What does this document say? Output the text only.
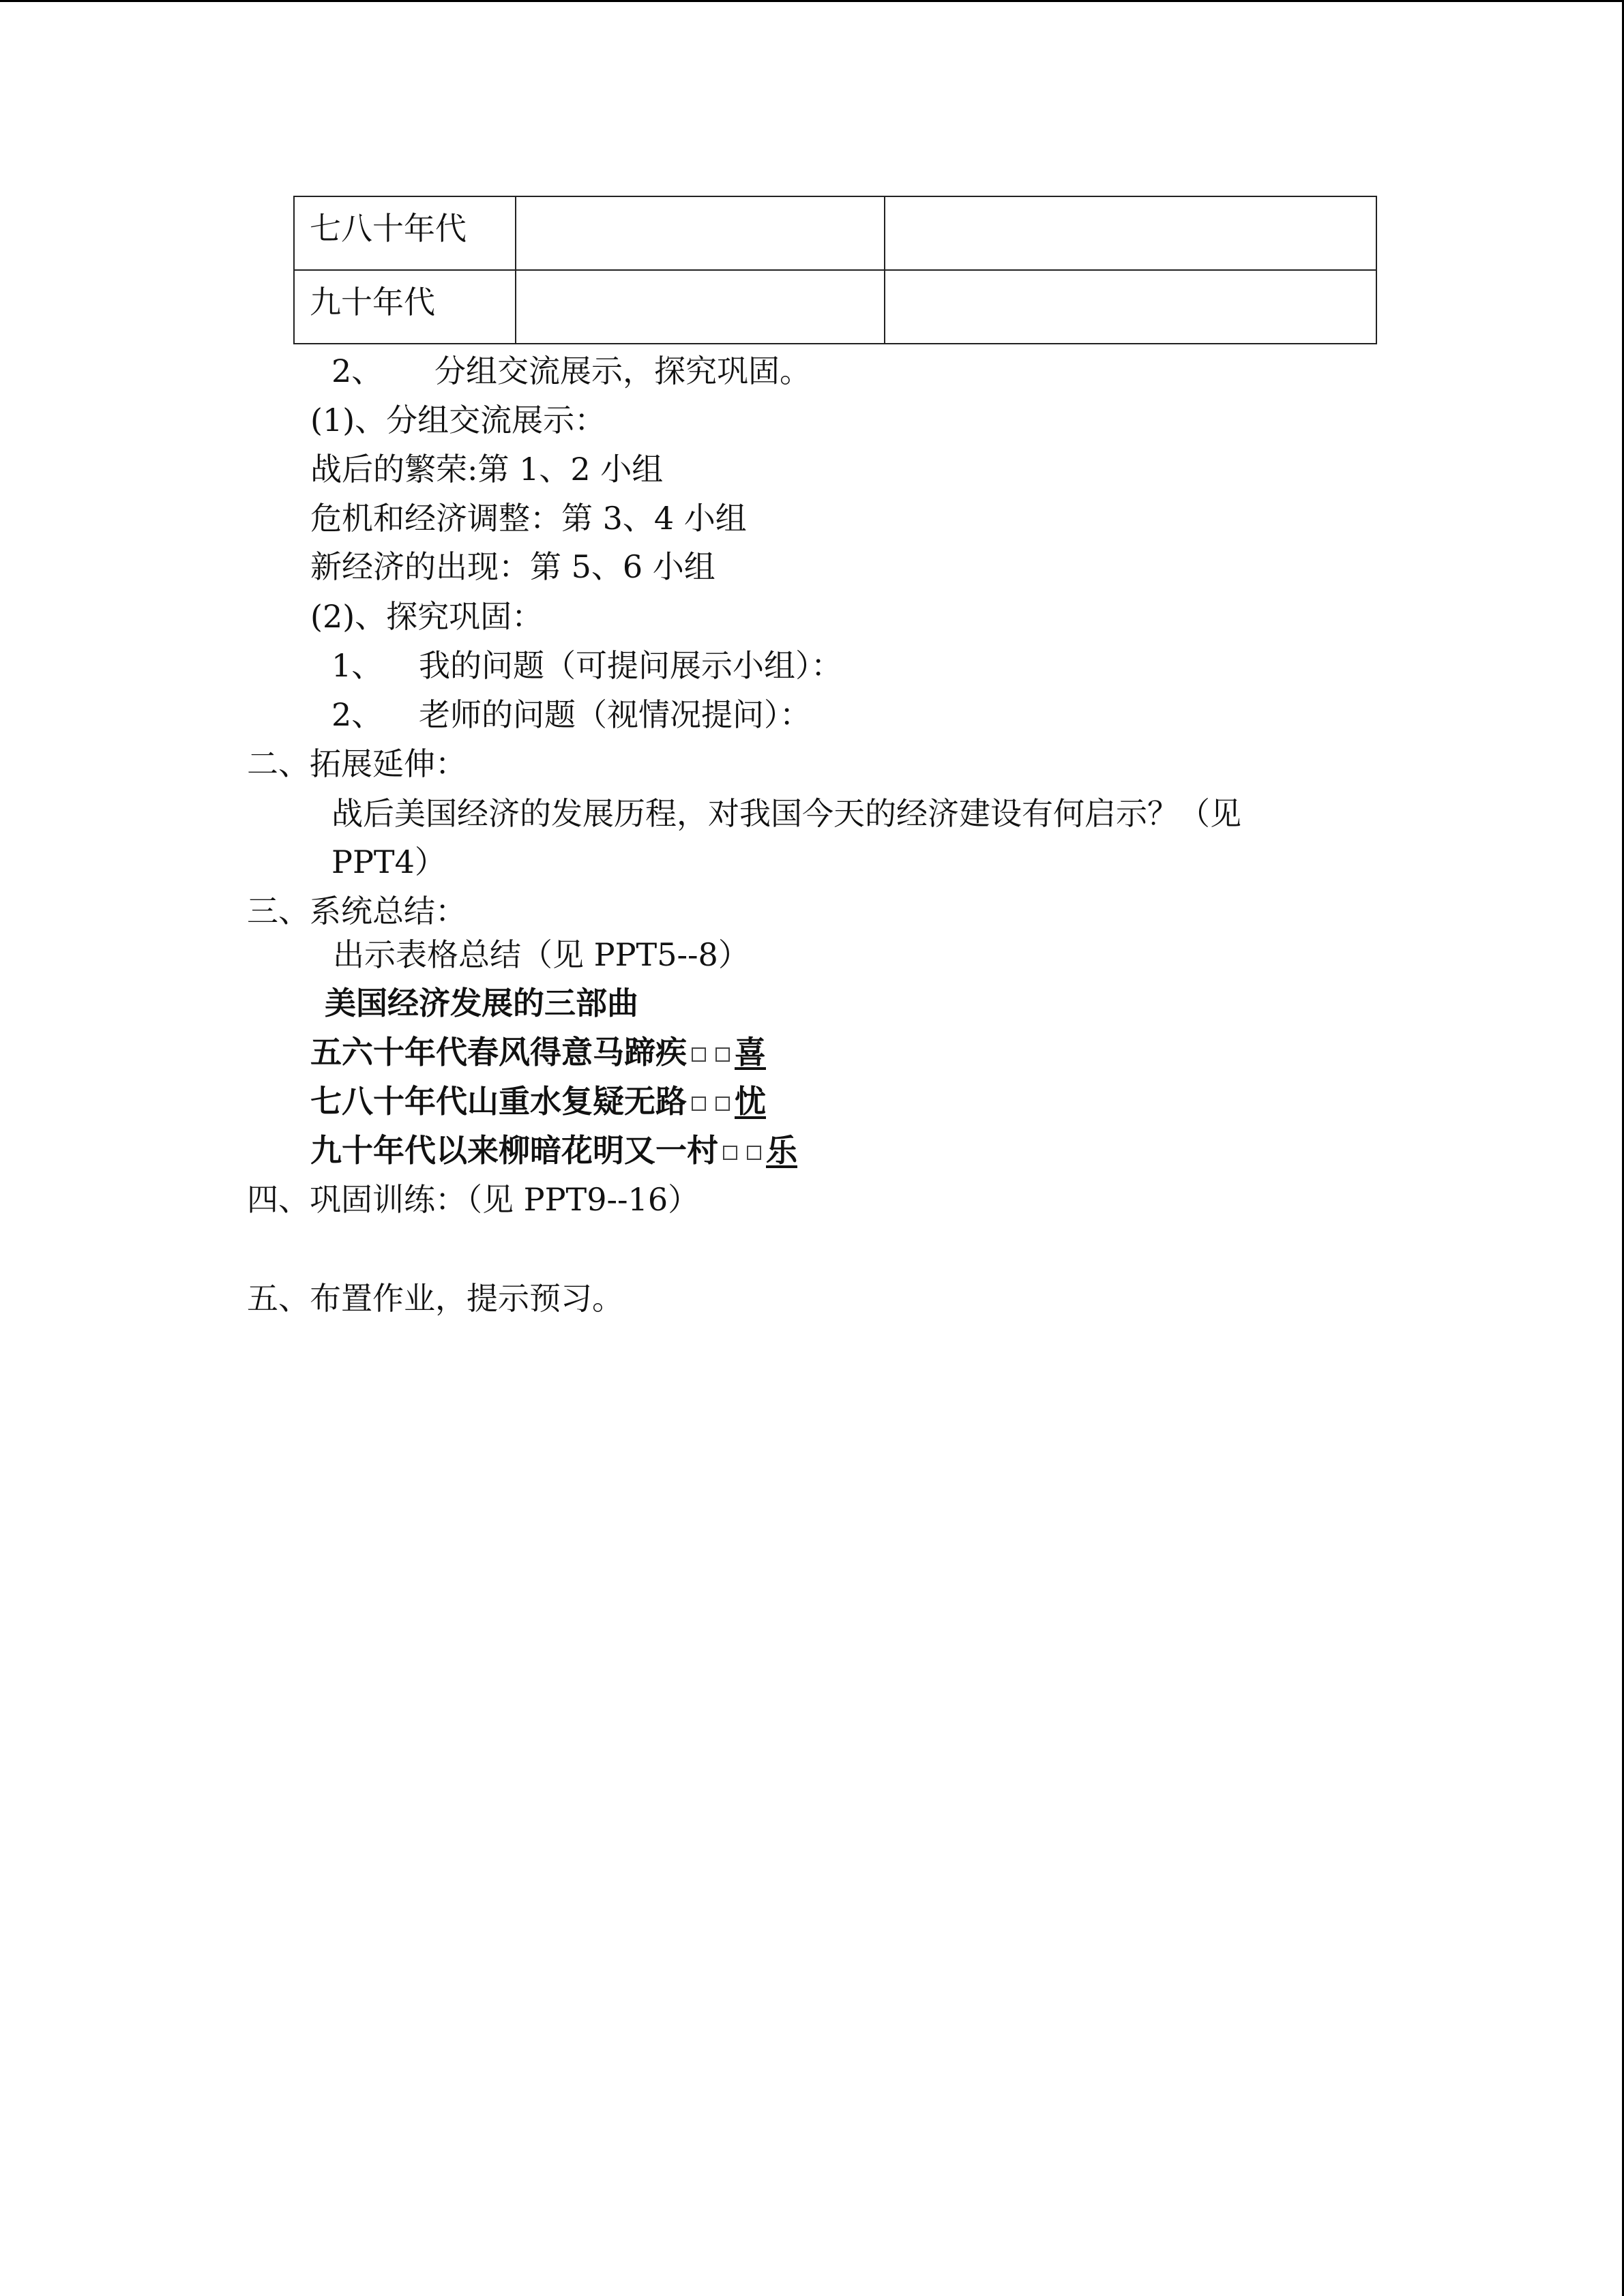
七八十年代		
九十年代		
2、 分组交流展示，探究巩固。
(1)、分组交流展示：
战后的繁荣:第 1、2 小组
危机和经济调整：第 3、4 小组
新经济的出现：第 5、6 小组
(2)、探究巩固：
1、 我的问题（可提问展示小组）：
2、 老师的问题（视情况提问）：
二、拓展延伸：
战后美国经济的发展历程，对我国今天的经济建设有何启示？（见
PPT4）
三、系统总结：
出示表格总结（见 PPT5--8）
美国经济发展的三部曲
五六十年代春风得意马蹄疾 喜
七八十年代山重水复疑无路 忧
九十年代以来柳暗花明又一村 乐
四、巩固训练：（见 PPT9--16）
五、布置作业，提示预习。
